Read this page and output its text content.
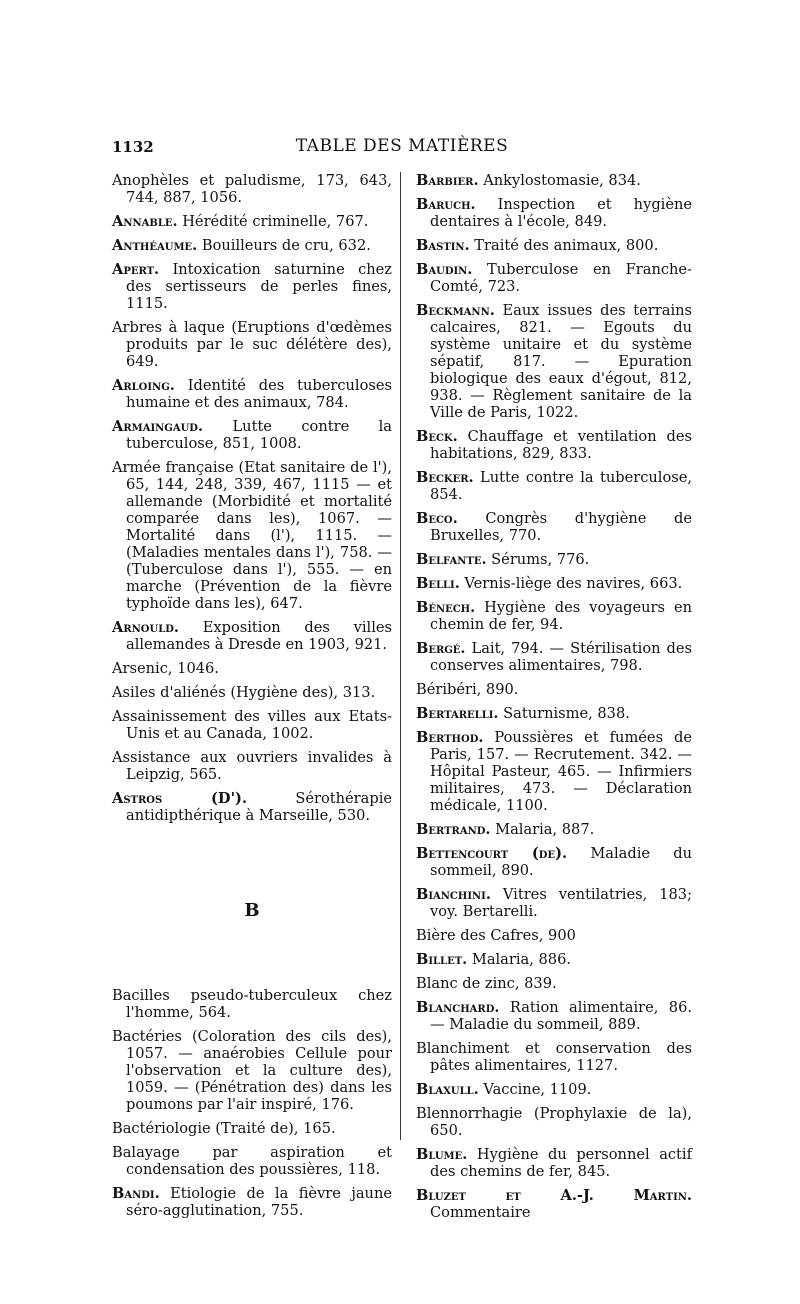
1132	TABLE DES MATIÈRES

Anophèles et paludisme, 173, 643, 744, 887, 1056.

Annable. Hérédité criminelle, 767.

Anthéaume. Bouilleurs de cru, 632.

Apert. Intoxication saturnine chez des sertisseurs de perles fines, 1115.

Arbres à laque (Eruptions d'œdèmes produits par le suc délétère des), 649.

Arloing. Identité des tuberculoses humaine et des animaux, 784.

Armaingaud. Lutte contre la tuberculose, 851, 1008.

Armée française (Etat sanitaire de l'), 65, 144, 248, 339, 467, 1115 — et allemande (Morbidité et mortalité comparée dans les), 1067. — Mortalité dans (l'), 1115. — (Maladies mentales dans l'), 758. — (Tuberculose dans l'), 555. — en marche (Prévention de la fièvre typhoïde dans les), 647.

Arnould. Exposition des villes allemandes à Dresde en 1903, 921.

Arsenic, 1046.

Asiles d'aliénés (Hygiène des), 313.

Assainissement des villes aux Etats-Unis et au Canada, 1002.

Assistance aux ouvriers invalides à Leipzig, 565.

Astros (D'). Sérothérapie antidipthérique à Marseille, 530.

B

Bacilles pseudo-tuberculeux chez l'homme, 564.

Bactéries (Coloration des cils des), 1057. — anaérobies Cellule pour l'observation et la culture des), 1059. — (Pénétration des) dans les poumons par l'air inspiré, 176.

Bactériologie (Traité de), 165.

Balayage par aspiration et condensation des poussières, 118.

Bandi. Etiologie de la fièvre jaune séro-agglutination, 755.

Barbier. Ankylostomasie, 834.

Baruch. Inspection et hygiène dentaires à l'école, 849.

Bastin. Traité des animaux, 800.

Baudin. Tuberculose en Franche-Comté, 723.

Beckmann. Eaux issues des terrains calcaires, 821. — Egouts du système unitaire et du système sépatif, 817. — Epuration biologique des eaux d'égout, 812, 938. — Règlement sanitaire de la Ville de Paris, 1022.

Beck. Chauffage et ventilation des habitations, 829, 833.

Becker. Lutte contre la tuberculose, 854.

Beco. Congrès d'hygiène de Bruxelles, 770.

Belfante. Sérums, 776.

Belli. Vernis-liège des navires, 663.

Bénech. Hygiène des voyageurs en chemin de fer, 94.

Bergé. Lait, 794. — Stérilisation des conserves alimentaires, 798.

Béribéri, 890.

Bertarelli. Saturnisme, 838.

Berthod. Poussières et fumées de Paris, 157. — Recrutement. 342. — Hôpital Pasteur, 465. — Infirmiers militaires, 473. — Déclaration médicale, 1100.

Bertrand. Malaria, 887.

Bettencourt (de). Maladie du sommeil, 890.

Bianchini. Vitres ventilatries, 183; voy. Bertarelli.

Bière des Cafres, 900

Billet. Malaria, 886.

Blanc de zinc, 839.

Blanchard. Ration alimentaire, 86. — Maladie du sommeil, 889.

Blanchiment et conservation des pâtes alimentaires, 1127.

Blaxull. Vaccine, 1109.

Blennorrhagie (Prophylaxie de la), 650.

Blume. Hygiène du personnel actif des chemins de fer, 845.

Bluzet et A.-J. Martin. Commentaire
